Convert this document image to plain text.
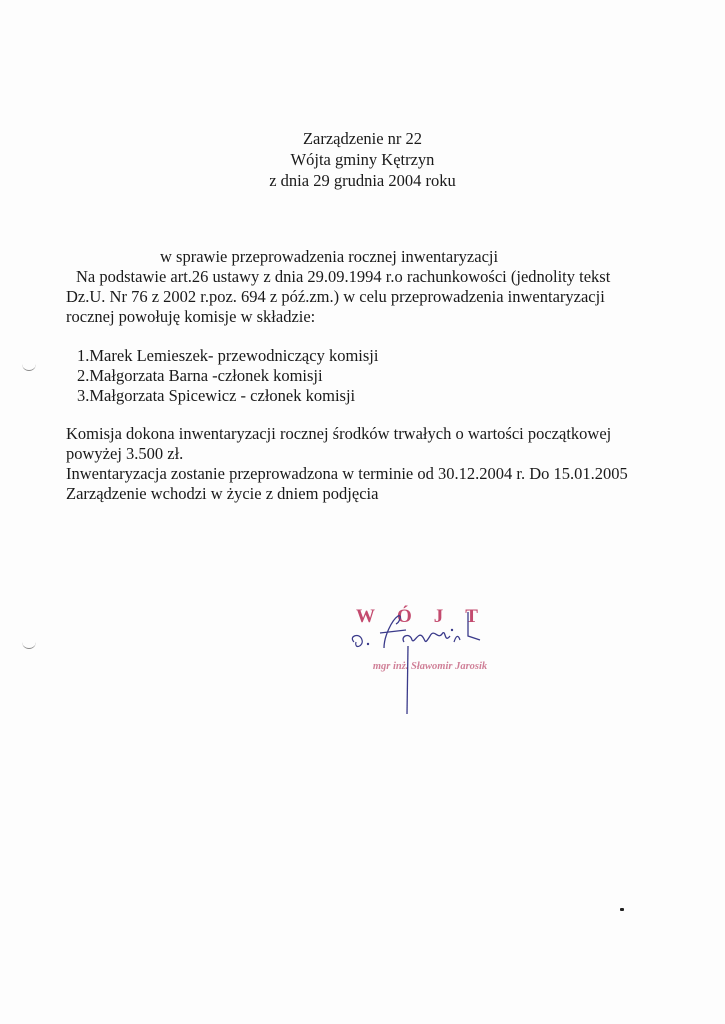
Zarządzenie nr 22
Wójta gminy Kętrzyn
z dnia 29 grudnia 2004 roku
w sprawie przeprowadzenia rocznej inwentaryzacji
Na podstawie art.26 ustawy z dnia 29.09.1994 r.o rachunkowości (jednolity tekst
Dz.U. Nr 76 z 2002 r.poz. 694 z póź.zm.) w celu przeprowadzenia inwentaryzacji
rocznej powołuję komisje w składzie:
1.Marek Lemieszek- przewodniczący komisji
2.Małgorzata Barna -członek komisji
3.Małgorzata Spicewicz - członek komisji
Komisja dokona inwentaryzacji rocznej środków trwałych o wartości początkowej
powyżej 3.500 zł.
Inwentaryzacja zostanie przeprowadzona w terminie od 30.12.2004 r. Do 15.01.2005
Zarządzenie wchodzi w życie z dniem podjęcia
WÓJT
mgr inż. Sławomir Jarosik
